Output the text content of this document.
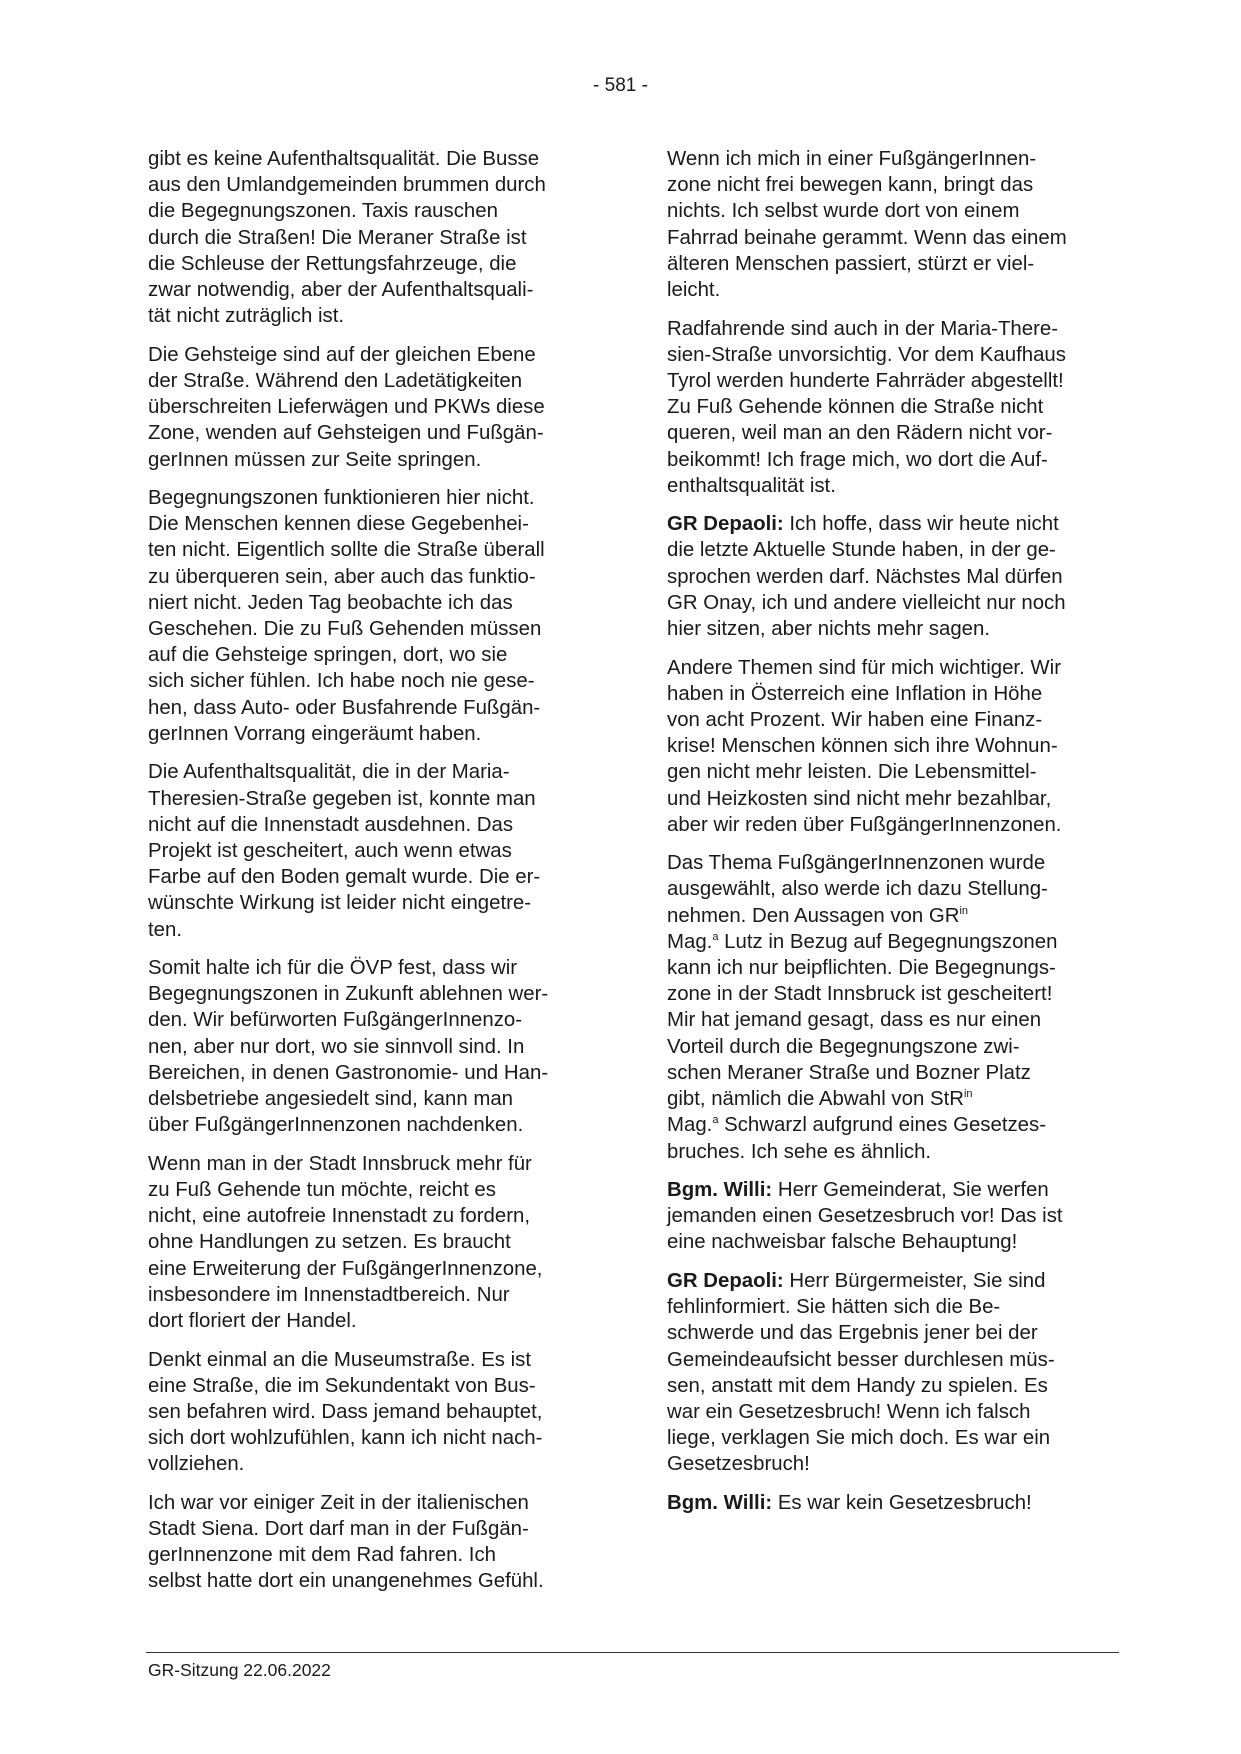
- 581 -

gibt es keine Aufenthaltsqualität. Die Busse
aus den Umlandgemeinden brummen durch
die Begegnungszonen. Taxis rauschen
durch die Straßen! Die Meraner Straße ist
die Schleuse der Rettungsfahrzeuge, die
zwar notwendig, aber der Aufenthaltsquali-
tät nicht zuträglich ist.

Die Gehsteige sind auf der gleichen Ebene
der Straße. Während den Ladetätigkeiten
überschreiten Lieferwägen und PKWs diese
Zone, wenden auf Gehsteigen und Fußgän-
gerInnen müssen zur Seite springen.

Begegnungszonen funktionieren hier nicht.
Die Menschen kennen diese Gegebenhei-
ten nicht. Eigentlich sollte die Straße überall
zu überqueren sein, aber auch das funktio-
niert nicht. Jeden Tag beobachte ich das
Geschehen. Die zu Fuß Gehenden müssen
auf die Gehsteige springen, dort, wo sie
sich sicher fühlen. Ich habe noch nie gese-
hen, dass Auto- oder Busfahrende Fußgän-
gerInnen Vorrang eingeräumt haben.

Die Aufenthaltsqualität, die in der Maria-
Theresien-Straße gegeben ist, konnte man
nicht auf die Innenstadt ausdehnen. Das
Projekt ist gescheitert, auch wenn etwas
Farbe auf den Boden gemalt wurde. Die er-
wünschte Wirkung ist leider nicht eingetre-
ten.

Somit halte ich für die ÖVP fest, dass wir
Begegnungszonen in Zukunft ablehnen wer-
den. Wir befürworten FußgängerInnenzo-
nen, aber nur dort, wo sie sinnvoll sind. In
Bereichen, in denen Gastronomie- und Han-
delsbetriebe angesiedelt sind, kann man
über FußgängerInnenzonen nachdenken.

Wenn man in der Stadt Innsbruck mehr für
zu Fuß Gehende tun möchte, reicht es
nicht, eine autofreie Innenstadt zu fordern,
ohne Handlungen zu setzen. Es braucht
eine Erweiterung der FußgängerInnenzone,
insbesondere im Innenstadtbereich. Nur
dort floriert der Handel.

Denkt einmal an die Museumstraße. Es ist
eine Straße, die im Sekundentakt von Bus-
sen befahren wird. Dass jemand behauptet,
sich dort wohlzufühlen, kann ich nicht nach-
vollziehen.

Ich war vor einiger Zeit in der italienischen
Stadt Siena. Dort darf man in der Fußgän-
gerInnenzone mit dem Rad fahren. Ich
selbst hatte dort ein unangenehmes Gefühl.

Wenn ich mich in einer FußgängerInnen-
zone nicht frei bewegen kann, bringt das
nichts. Ich selbst wurde dort von einem
Fahrrad beinahe gerammt. Wenn das einem
älteren Menschen passiert, stürzt er viel-
leicht.

Radfahrende sind auch in der Maria-There-
sien-Straße unvorsichtig. Vor dem Kaufhaus
Tyrol werden hunderte Fahrräder abgestellt!
Zu Fuß Gehende können die Straße nicht
queren, weil man an den Rädern nicht vor-
beikommt! Ich frage mich, wo dort die Auf-
enthaltsqualität ist.

GR Depaoli: Ich hoffe, dass wir heute nicht
die letzte Aktuelle Stunde haben, in der ge-
sprochen werden darf. Nächstes Mal dürfen
GR Onay, ich und andere vielleicht nur noch
hier sitzen, aber nichts mehr sagen.

Andere Themen sind für mich wichtiger. Wir
haben in Österreich eine Inflation in Höhe
von acht Prozent. Wir haben eine Finanz-
krise! Menschen können sich ihre Wohnun-
gen nicht mehr leisten. Die Lebensmittel-
und Heizkosten sind nicht mehr bezahlbar,
aber wir reden über FußgängerInnenzonen.

Das Thema FußgängerInnenzonen wurde
ausgewählt, also werde ich dazu Stellung-
nehmen. Den Aussagen von $GR^{in}$
Mag.$^a$ Lutz in Bezug auf Begegnungszonen
kann ich nur beipflichten. Die Begegnungs-
zone in der Stadt Innsbruck ist gescheitert!
Mir hat jemand gesagt, dass es nur einen
Vorteil durch die Begegnungszone zwi-
schen Meraner Straße und Bozner Platz
gibt, nämlich die Abwahl von StR$^{in}$
Mag.$^a$ Schwarzl aufgrund eines Gesetzes-
bruches. Ich sehe es ähnlich.

Bgm. Willi: Herr Gemeinderat, Sie werfen
jemanden einen Gesetzesbruch vor! Das ist
eine nachweisbar falsche Behauptung!

GR Depaoli: Herr Bürgermeister, Sie sind
fehlinformiert. Sie hätten sich die Be-
schwerde und das Ergebnis jener bei der
Gemeindeaufsicht besser durchlesen müs-
sen, anstatt mit dem Handy zu spielen. Es
war ein Gesetzesbruch! Wenn ich falsch
liege, verklagen Sie mich doch. Es war ein
Gesetzesbruch!

Bgm. Willi: Es war kein Gesetzesbruch!

GR-Sitzung 22.06.2022
